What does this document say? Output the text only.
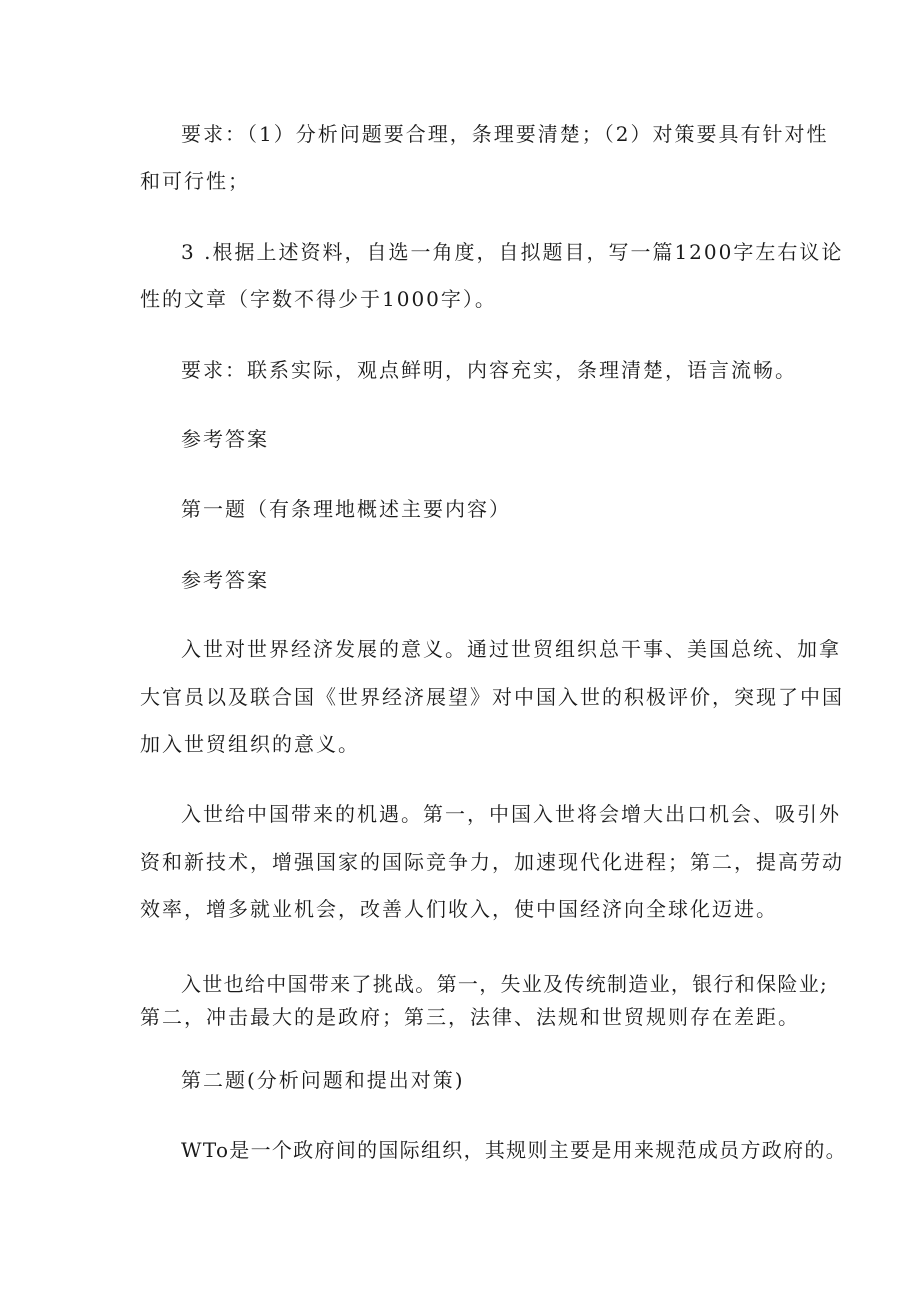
要求：（1）分析问题要合理，条理要清楚；（2）对策要具有针对性
和可行性；
3 .根据上述资料，自选一角度，自拟题目，写一篇1200字左右议论
性的文章（字数不得少于1000字）。
要求：联系实际，观点鲜明，内容充实，条理清楚，语言流畅。
参考答案
第一题（有条理地概述主要内容）
参考答案
入世对世界经济发展的意义。通过世贸组织总干事、美国总统、加拿
大官员以及联合国《世界经济展望》对中国入世的积极评价，突现了中国
加入世贸组织的意义。
入世给中国带来的机遇。第一，中国入世将会增大出口机会、吸引外
资和新技术，增强国家的国际竞争力，加速现代化进程；第二，提高劳动
效率，增多就业机会，改善人们收入，使中国经济向全球化迈进。
入世也给中国带来了挑战。第一，失业及传统制造业，银行和保险业;
第二，冲击最大的是政府；第三，法律、法规和世贸规则存在差距。
第二题(分析问题和提出对策)
WTo是一个政府间的国际组织，其规则主要是用来规范成员方政府的。
